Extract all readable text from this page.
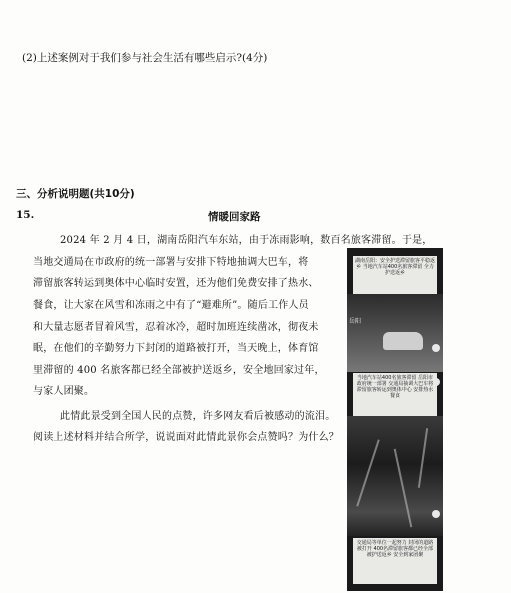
(2)上述案例对于我们参与社会生活有哪些启示?(4分)
三、分析说明题(共10分)
15.	情暖回家路
2024 年 2 月 4 日，湖南岳阳汽车东站，由于冻雨影响，数百名旅客滞留。于是，
当地交通局在市政府的统一部署与安排下特地抽调大巴车，将
滞留旅客转运到奥体中心临时安置，还为他们免费安排了热水、
餐食，让大家在风雪和冻雨之中有了“避难所”。随后工作人员
和大量志愿者冒着风雪，忍着冰冷，超时加班连续凿冰，彻夜未
眠，在他们的辛勤努力下封闭的道路被打开，当天晚上，体育馆
里滞留的 400 名旅客都已经全部被护送返乡，安全地回家过年，
与家人团聚。
此情此景受到全国人民的点赞，许多网友看后被感动的流泪。
阅读上述材料并结合所学，说说面对此情此景你会点赞吗？为什么？
湖南岳阳：安全护送滞留旅客平稳返乡 当地汽车站400名旅客滞留 全力护送返乡
岳阳
当地汽车站400名旅客滞留 岳阳市政府统一部署 交通局抽调大巴车将滞留旅客转运到奥体中心 安排热水餐食
交通局等单位一起努力 封闭的道路被打开 400名滞留旅客都已经全部被护送返乡 安全到家团聚
